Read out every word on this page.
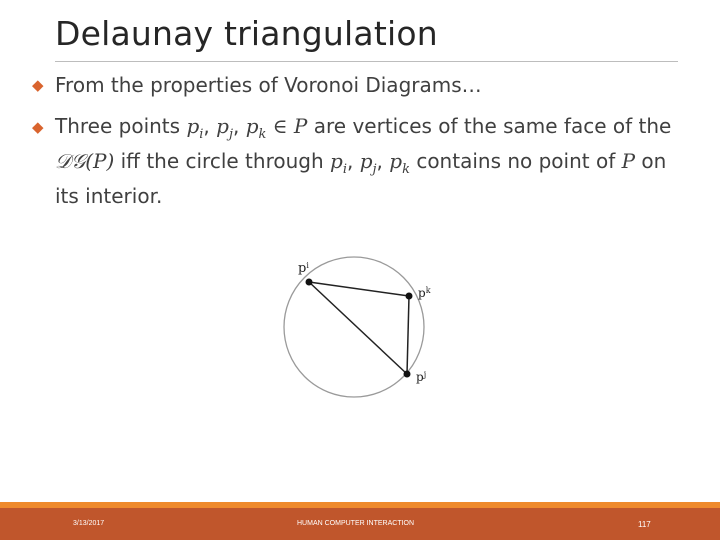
Delaunay triangulation
◆ From the properties of Voronoi Diagrams…
◆ Three points $p_i$, $p_j$, $p_k$ ∈ P are vertices of the same face of the
𝒟𝒢(P) iff the circle through $p_i$, $p_j$, $p_k$ contains no point of P on
its interior.
$p^i$
$p^k$
$p^j$
3/13/2017	HUMAN COMPUTER INTERACTION	117
